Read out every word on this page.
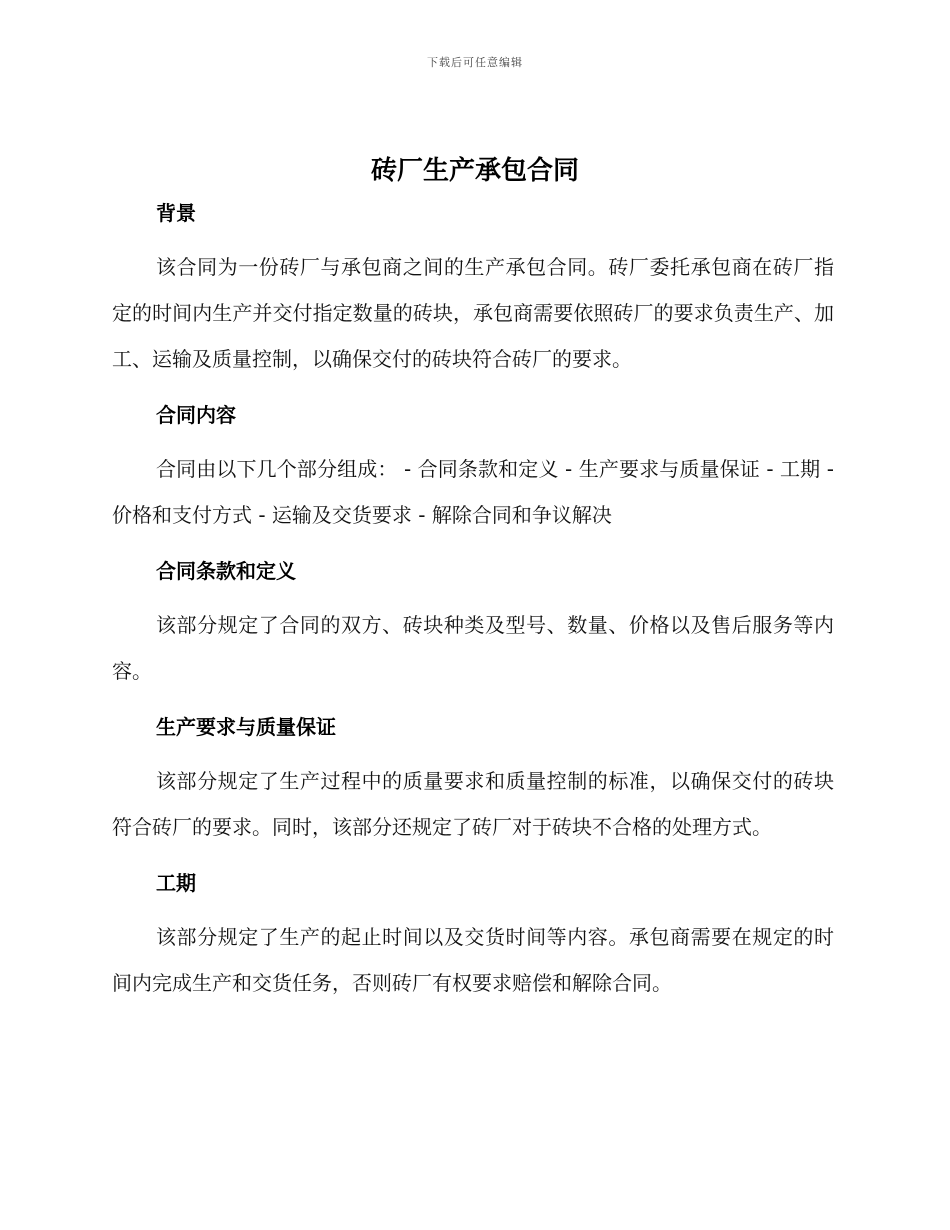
下载后可任意编辑
砖厂生产承包合同
背景

该合同为一份砖厂与承包商之间的生产承包合同。砖厂委托承包商在砖厂指定的时间内生产并交付指定数量的砖块，承包商需要依照砖厂的要求负责生产、加工、运输及质量控制，以确保交付的砖块符合砖厂的要求。

合同内容

合同由以下几个部分组成： - 合同条款和定义 - 生产要求与质量保证 - 工期 - 价格和支付方式 - 运输及交货要求 - 解除合同和争议解决

合同条款和定义

该部分规定了合同的双方、砖块种类及型号、数量、价格以及售后服务等内容。

生产要求与质量保证

该部分规定了生产过程中的质量要求和质量控制的标准，以确保交付的砖块符合砖厂的要求。同时，该部分还规定了砖厂对于砖块不合格的处理方式。

工期

该部分规定了生产的起止时间以及交货时间等内容。承包商需要在规定的时间内完成生产和交货任务，否则砖厂有权要求赔偿和解除合同。
